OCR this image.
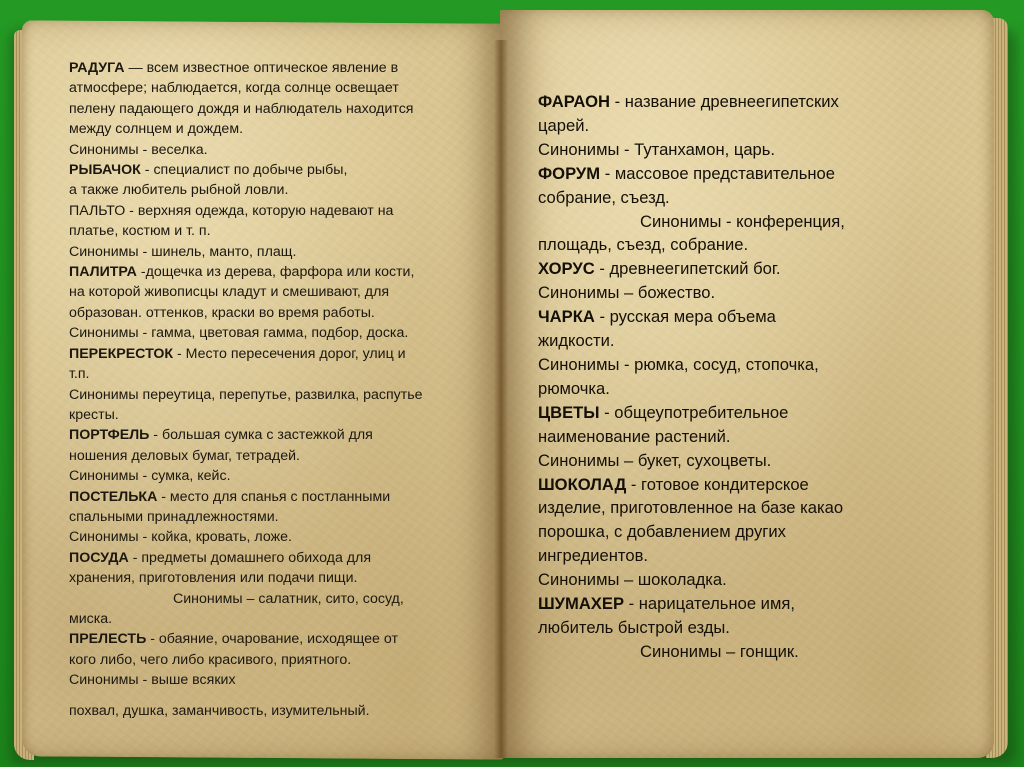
РАДУГА — всем известное оптическое явление в
атмосфере; наблюдается, когда солнце освещает
пелену падающего дождя и наблюдатель находится
между солнцем и дождем.
Синонимы - веселка.
РЫБАЧОК - специалист по добыче рыбы,
а также любитель рыбной ловли.
ПАЛЬТО - верхняя одежда, которую надевают на
платье, костюм и т. п.
Синонимы - шинель, манто, плащ.
ПАЛИТРА -дощечка из дерева, фарфора или кости,
на которой живописцы кладут и смешивают, для
образован. оттенков, краски во время работы.
Синонимы - гамма, цветовая гамма, подбор, доска.
ПЕРЕКРЕСТОК - Место пересечения дорог, улиц и
т.п.
Синонимы переутица, перепутье, развилка, распутье
кресты.
ПОРТФЕЛЬ - большая сумка с застежкой для
ношения деловых бумаг, тетрадей.
Синонимы - сумка, кейс.
ПОСТЕЛЬКА - место для спанья с постланными
спальными принадлежностями.
Синонимы - койка, кровать, ложе.
ПОСУДА - предметы домашнего обихода для
хранения, приготовления или подачи пищи.
Синонимы – салатник, сито, сосуд,
миска.
ПРЕЛЕСТЬ - обаяние, очарование, исходящее от
кого либо, чего либо красивого, приятного.
Синонимы - выше всяких
похвал, душка, заманчивость, изумительный.
ФАРАОН - название древнеегипетских
царей.
Синонимы - Тутанхамон, царь.
ФОРУМ - массовое представительное
собрание, съезд.
Синонимы - конференция,
площадь, съезд, собрание.
ХОРУС - древнеегипетский бог.
Синонимы – божество.
ЧАРКА - русская мера объема
жидкости.
Синонимы - рюмка, сосуд, стопочка,
рюмочка.
ЦВЕТЫ - общеупотребительное
наименование растений.
Синонимы – букет, сухоцветы.
ШОКОЛАД - готовое кондитерское
изделие, приготовленное на базе какао
порошка, с добавлением других
ингредиентов.
Синонимы – шоколадка.
ШУМАХЕР - нарицательное имя,
любитель быстрой езды.
Синонимы – гонщик.
